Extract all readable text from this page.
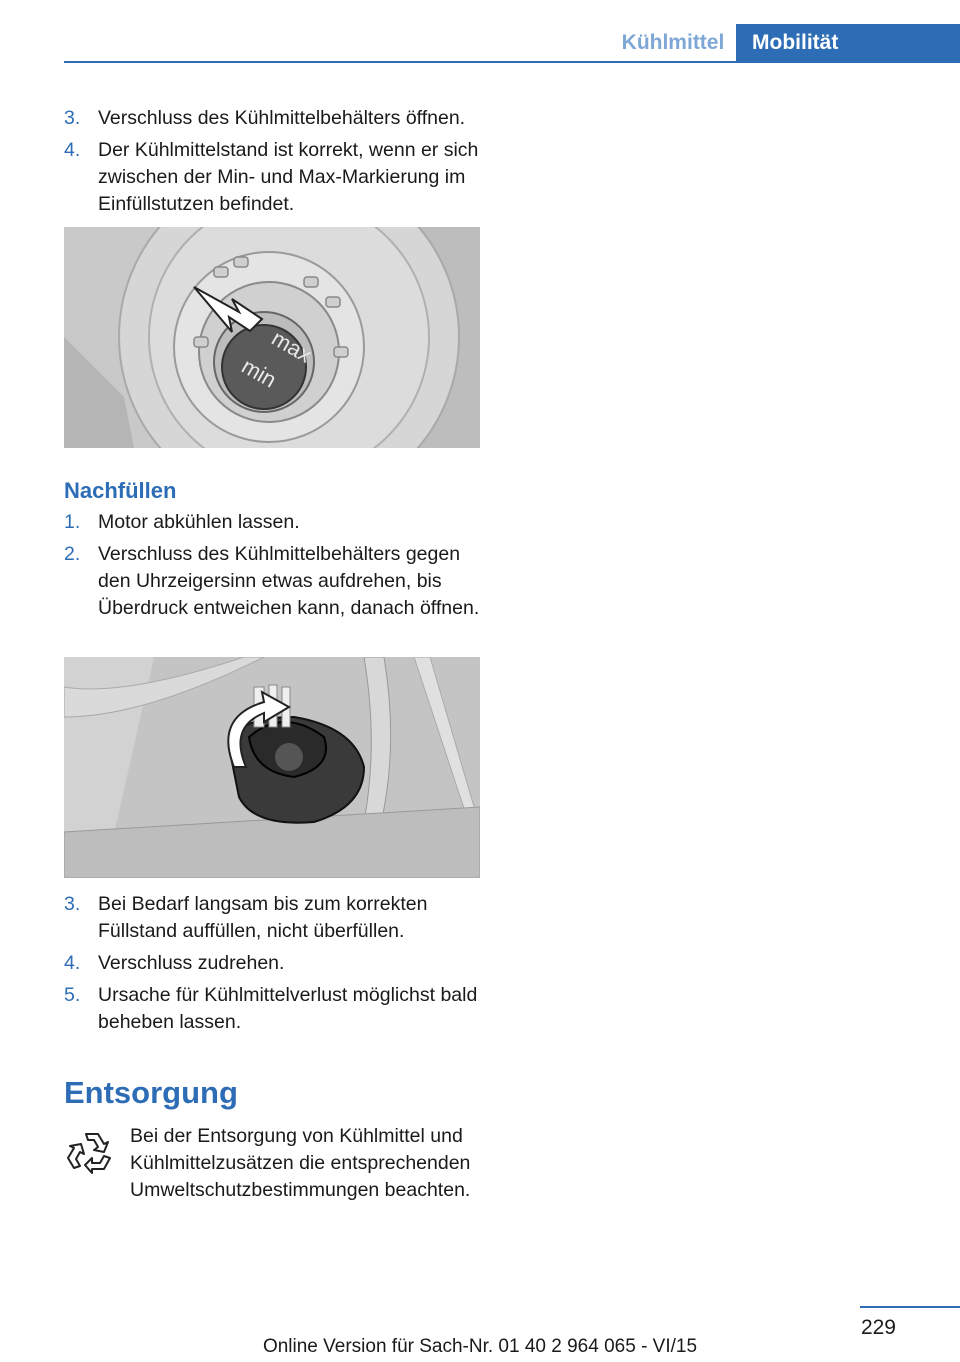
Kühlmittel	Mobilität
3. Verschluss des Kühlmittelbehälters öffnen.
4. Der Kühlmittelstand ist korrekt, wenn er sich zwischen der Min- und Max-Markierung im Einfüllstutzen befindet.
max
min
Nachfüllen
1. Motor abkühlen lassen.
2. Verschluss des Kühlmittelbehälters gegen den Uhrzeigersinn etwas aufdrehen, bis Überdruck entweichen kann, danach öffnen.
3. Bei Bedarf langsam bis zum korrekten Füllstand auffüllen, nicht überfüllen.
4. Verschluss zudrehen.
5. Ursache für Kühlmittelverlust möglichst bald beheben lassen.
Entsorgung
Bei der Entsorgung von Kühlmittel und Kühlmittelzusätzen die entsprechenden Umweltschutzbestimmungen beachten.
229
Online Version für Sach-Nr. 01 40 2 964 065 - VI/15
